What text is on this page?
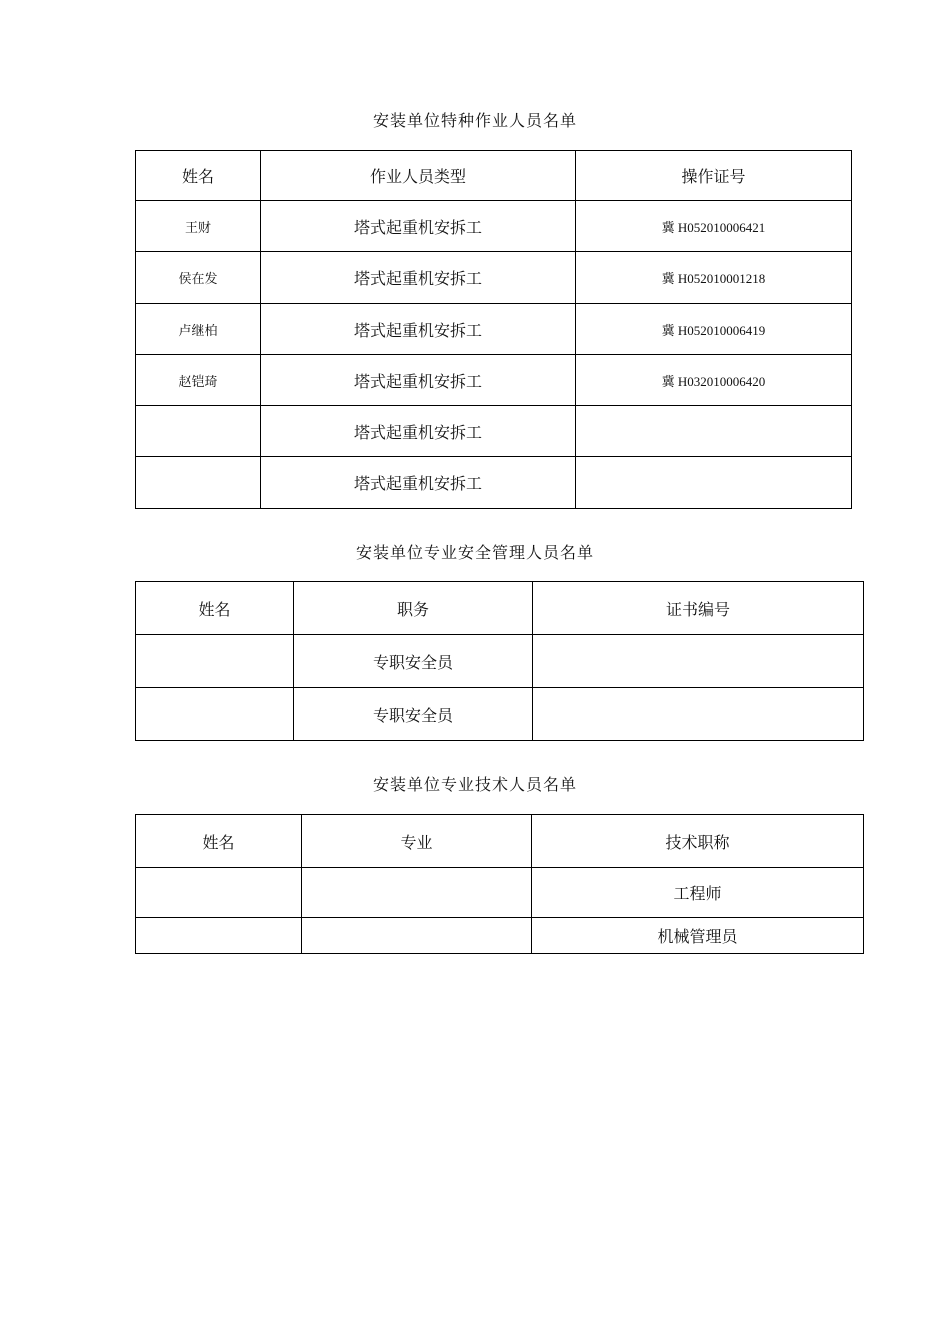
安装单位特种作业人员名单
姓名	作业人员类型	操作证号
王财	塔式起重机安拆工	冀 H052010006421
侯在发	塔式起重机安拆工	冀 H052010001218
卢继柏	塔式起重机安拆工	冀 H052010006419
赵铠琦	塔式起重机安拆工	冀 H032010006420
	塔式起重机安拆工	
	塔式起重机安拆工	
安装单位专业安全管理人员名单
姓名	职务	证书编号
	专职安全员	
	专职安全员	
安装单位专业技术人员名单
姓名	专业	技术职称
		工程师
		机械管理员
